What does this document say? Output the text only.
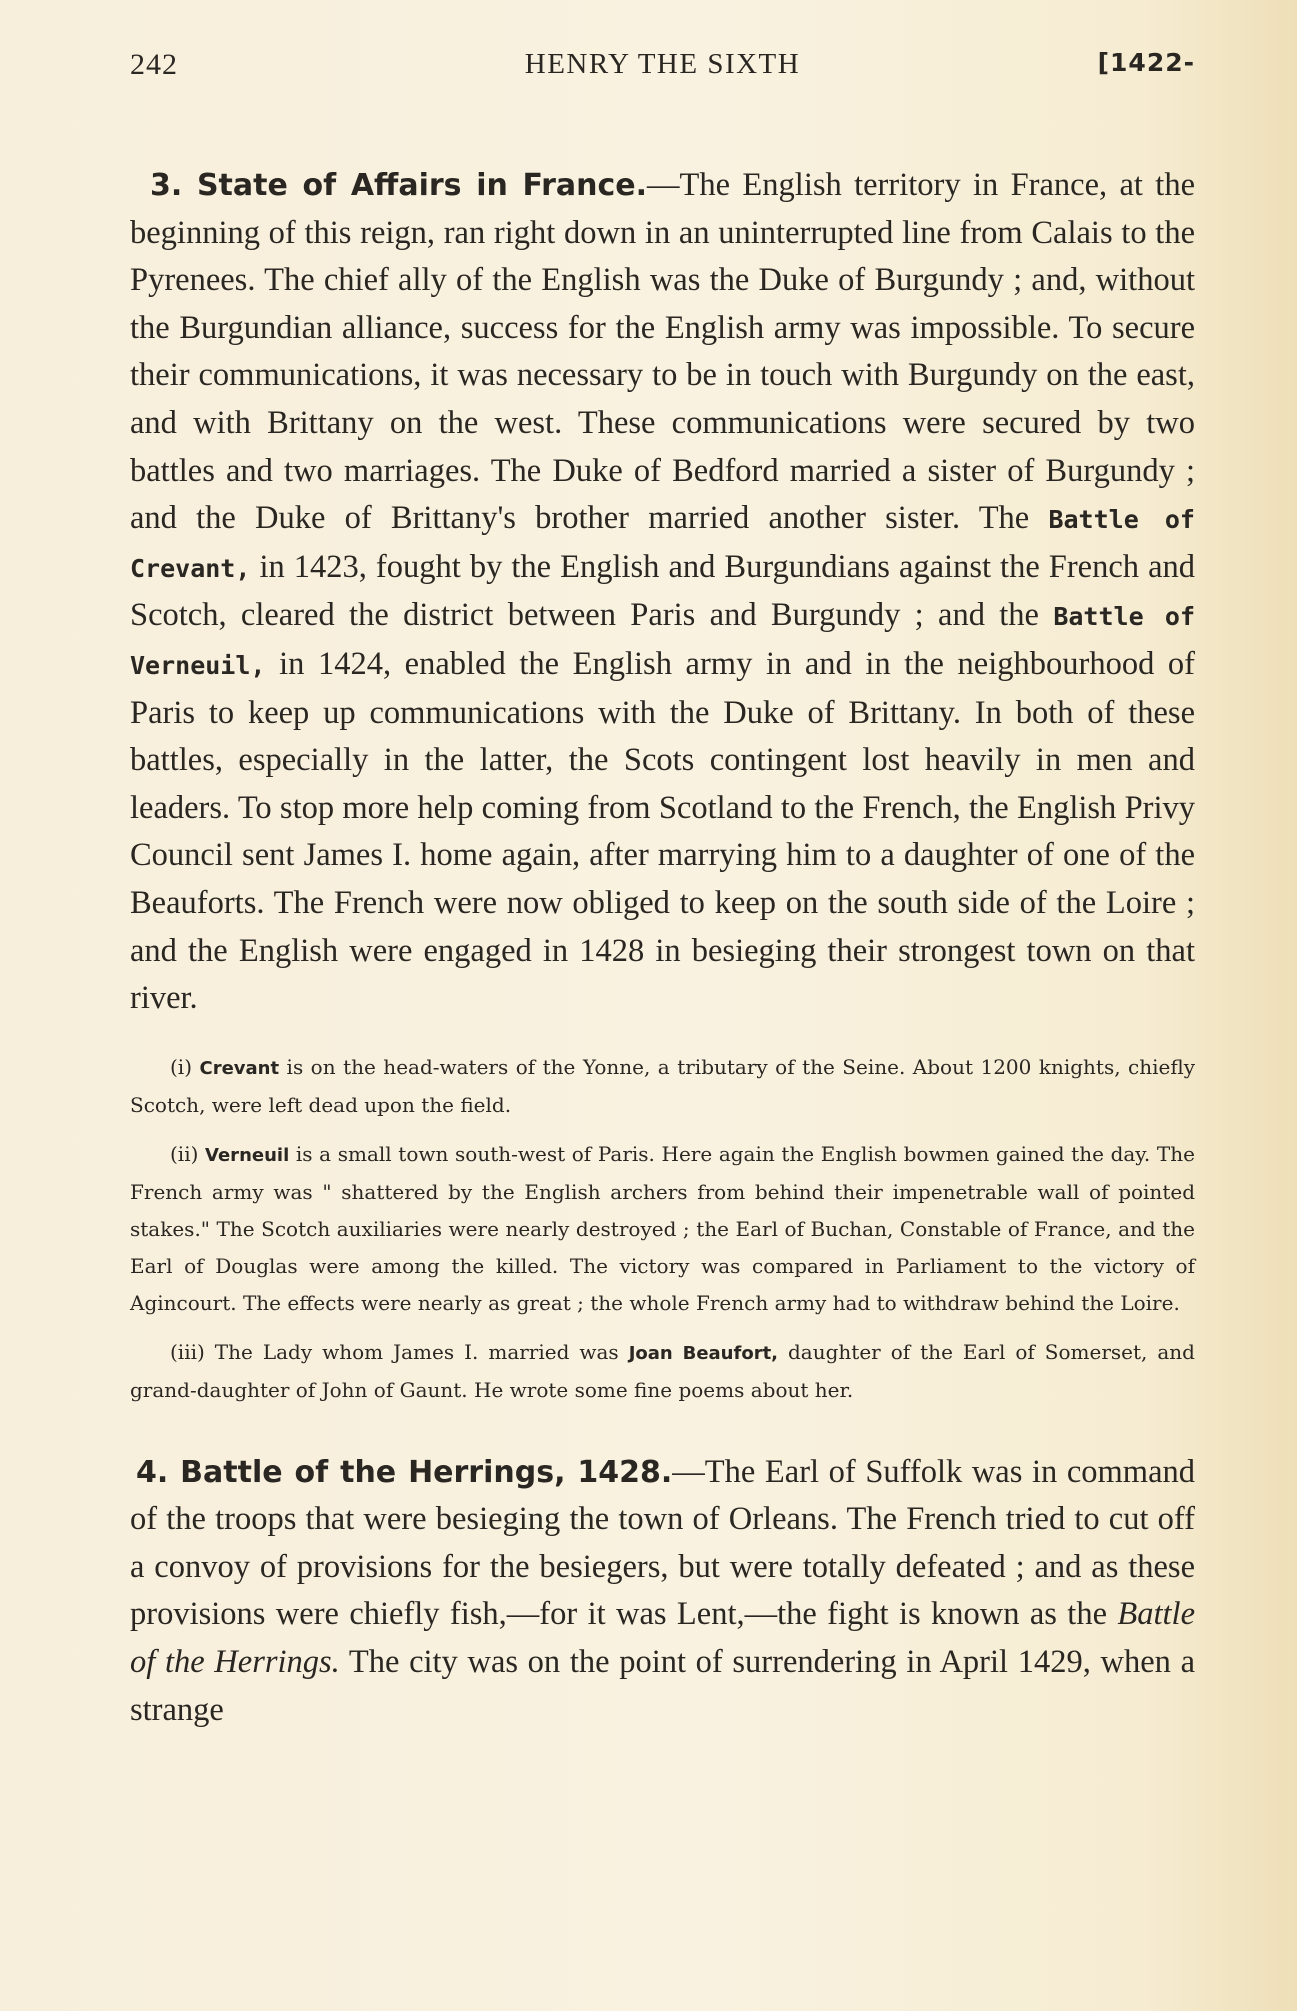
242	HENRY THE SIXTH	[1422-

3. State of Affairs in France.—The English territory in France, at the beginning of this reign, ran right down in an uninterrupted line from Calais to the Pyrenees. The chief ally of the English was the Duke of Burgundy ; and, without the Burgundian alliance, success for the English army was impossible. To secure their communications, it was necessary to be in touch with Burgundy on the east, and with Brittany on the west. These communications were secured by two battles and two marriages. The Duke of Bedford married a sister of Burgundy ; and the Duke of Brittany's brother married another sister. The Battle of Crevant, in 1423, fought by the English and Burgundians against the French and Scotch, cleared the district between Paris and Burgundy ; and the Battle of Verneuil, in 1424, enabled the English army in and in the neighbourhood of Paris to keep up communications with the Duke of Brittany. In both of these battles, especially in the latter, the Scots contingent lost heavily in men and leaders. To stop more help coming from Scotland to the French, the English Privy Council sent James I. home again, after marrying him to a daughter of one of the Beauforts. The French were now obliged to keep on the south side of the Loire ; and the English were engaged in 1428 in besieging their strongest town on that river.

(i) Crevant is on the head-waters of the Yonne, a tributary of the Seine. About 1200 knights, chiefly Scotch, were left dead upon the field.

(ii) Verneuil is a small town south-west of Paris. Here again the English bowmen gained the day. The French army was " shattered by the English archers from behind their impenetrable wall of pointed stakes." The Scotch auxiliaries were nearly destroyed ; the Earl of Buchan, Constable of France, and the Earl of Douglas were among the killed. The victory was compared in Parliament to the victory of Agincourt. The effects were nearly as great ; the whole French army had to withdraw behind the Loire.

(iii) The Lady whom James I. married was Joan Beaufort, daughter of the Earl of Somerset, and grand-daughter of John of Gaunt. He wrote some fine poems about her.

4. Battle of the Herrings, 1428.—The Earl of Suffolk was in command of the troops that were besieging the town of Orleans. The French tried to cut off a convoy of provisions for the besiegers, but were totally defeated ; and as these provisions were chiefly fish,—for it was Lent,—the fight is known as the Battle of the Herrings. The city was on the point of surrendering in April 1429, when a strange
